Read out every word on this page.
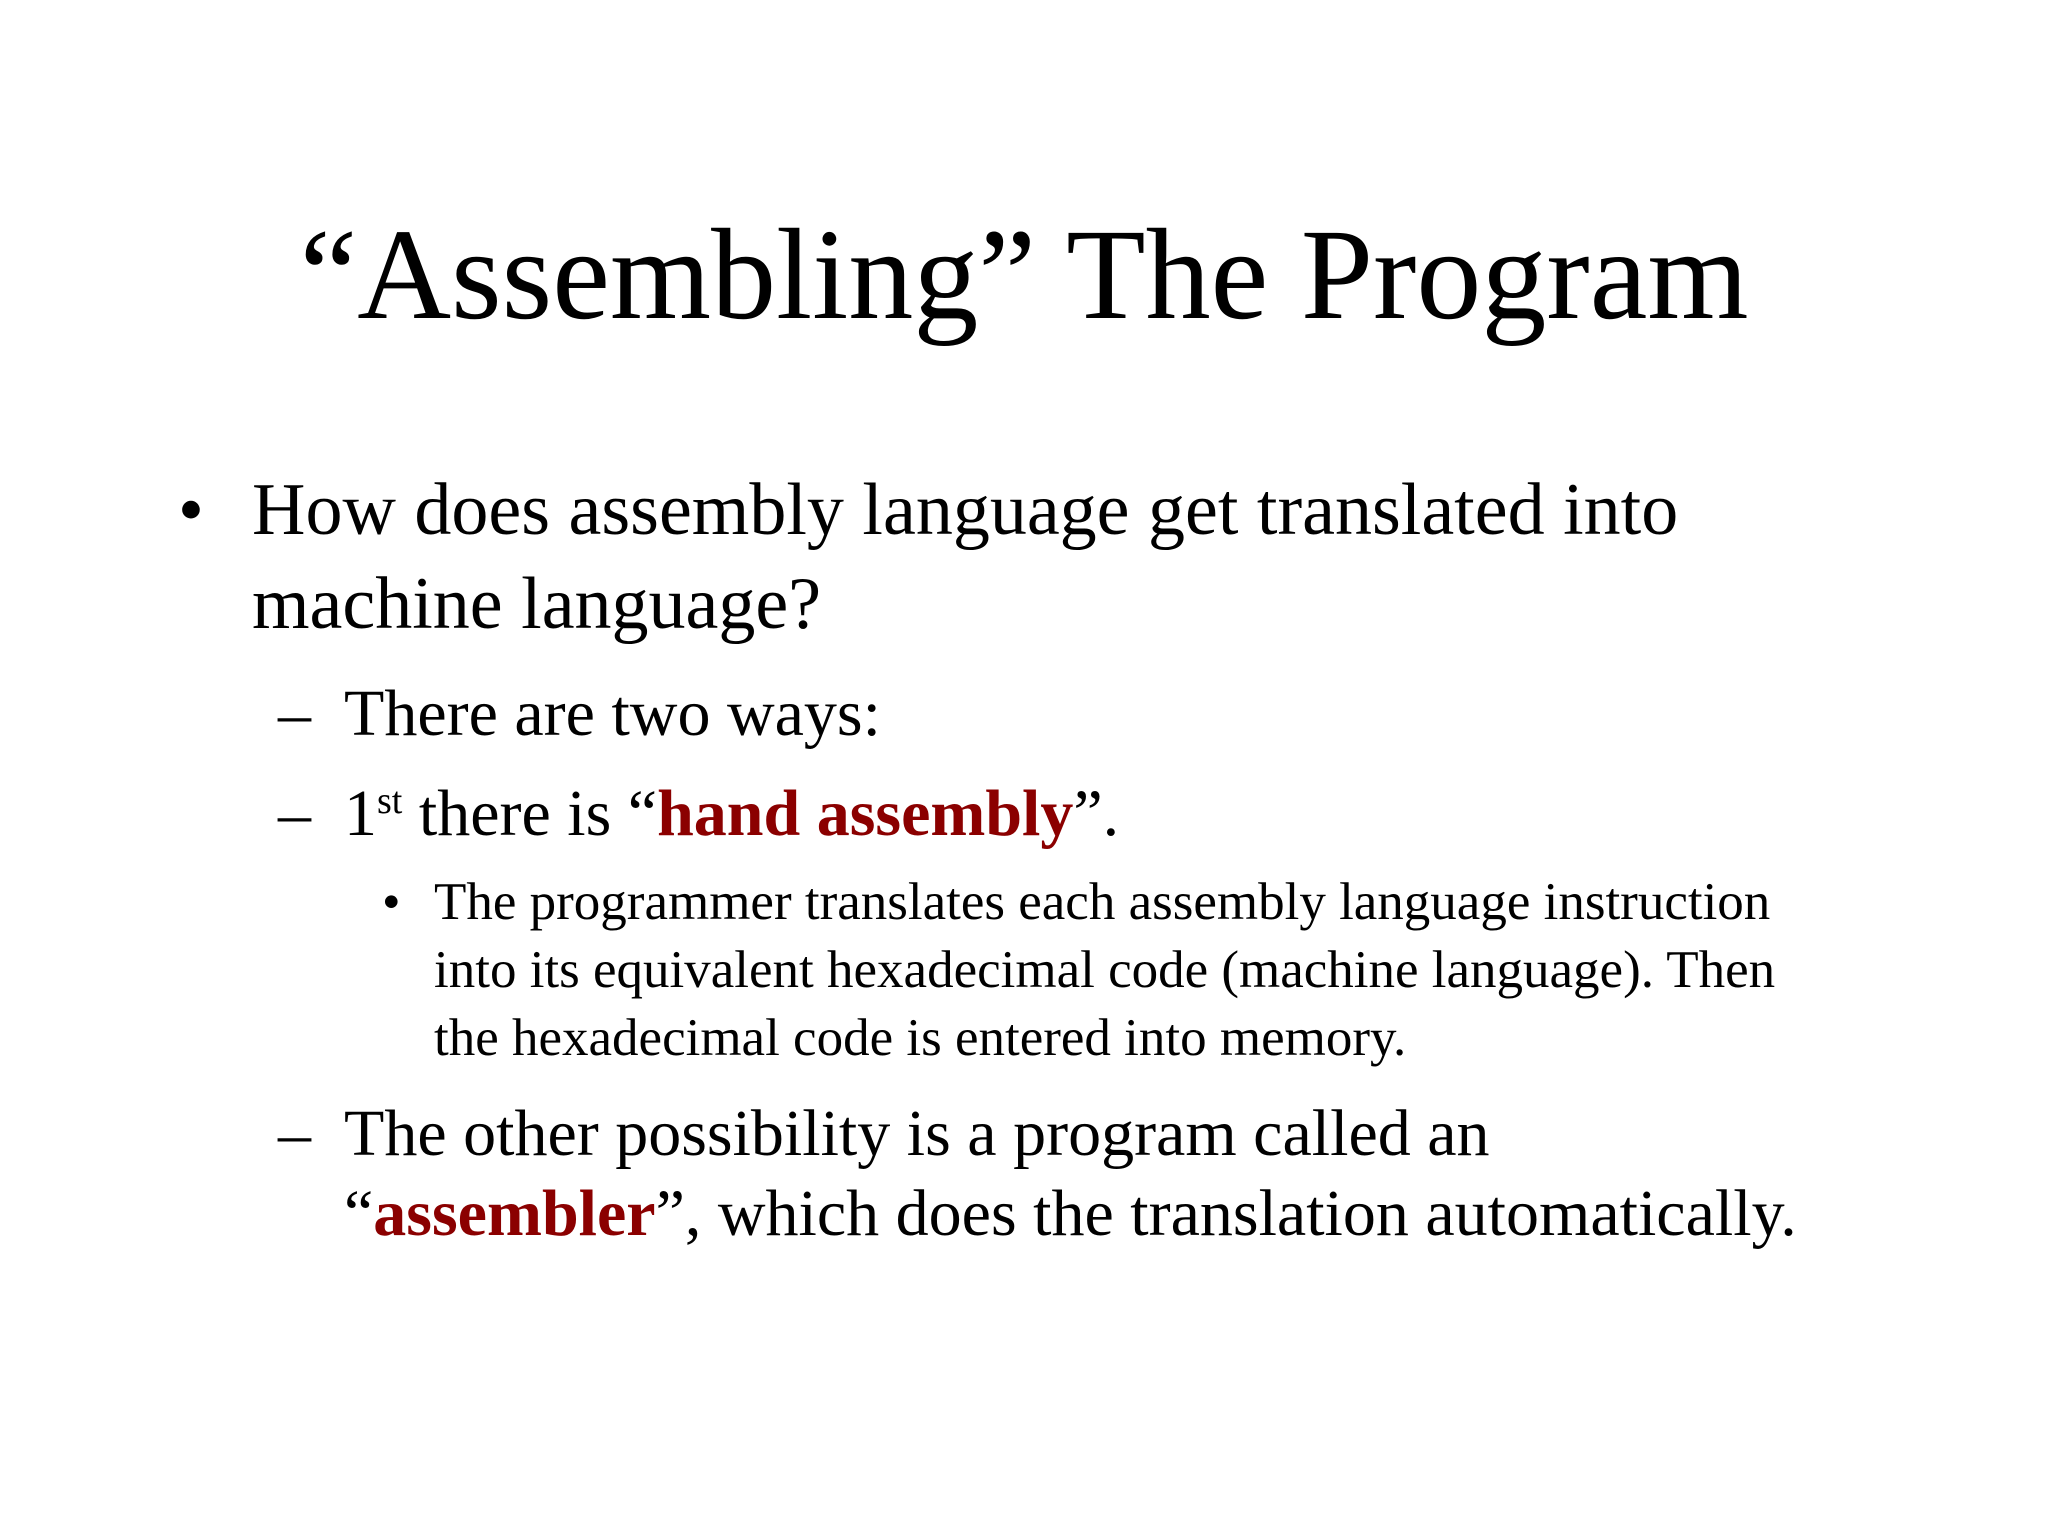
“Assembling” The Program
• How does assembly language get translated into
machine language?
– There are two ways:
– 1st there is “hand assembly”.
• The programmer translates each assembly language instruction
into its equivalent hexadecimal code (machine language). Then
the hexadecimal code is entered into memory.
– The other possibility is a program called an
“assembler”, which does the translation automatically.
